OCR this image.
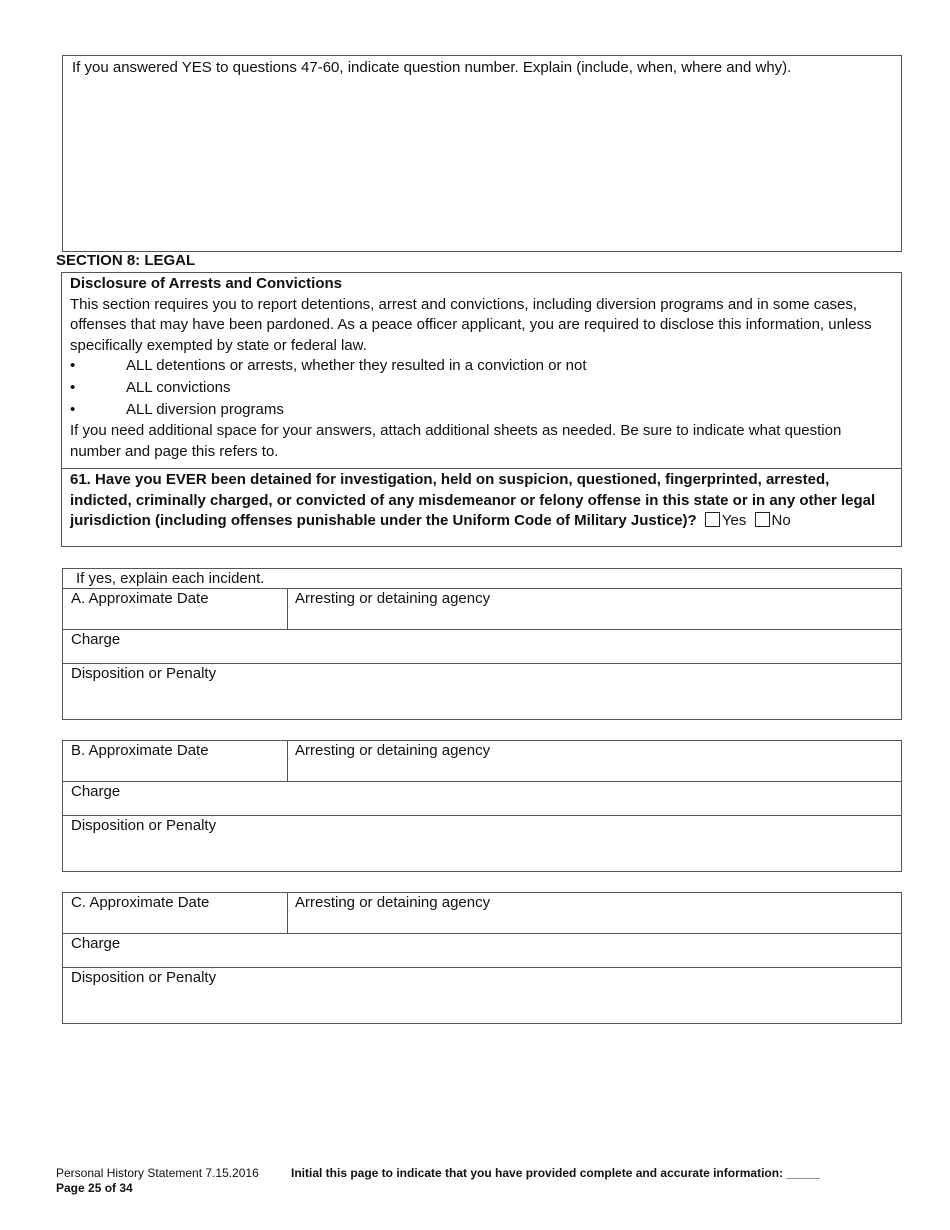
If you answered YES to questions 47-60, indicate question number. Explain (include, when, where and why).
SECTION 8: LEGAL
Disclosure of Arrests and Convictions
This section requires you to report detentions, arrest and convictions, including diversion programs and in some cases, offenses that may have been pardoned. As a peace officer applicant, you are required to disclose this information, unless specifically exempted by state or federal law.
•	ALL detentions or arrests, whether they resulted in a conviction or not
•	ALL convictions
•	ALL diversion programs
If you need additional space for your answers, attach additional sheets as needed. Be sure to indicate what question number and page this refers to.
61. Have you EVER been detained for investigation, held on suspicion, questioned, fingerprinted, arrested, indicted, criminally charged, or convicted of any misdemeanor or felony offense in this state or in any other legal jurisdiction (including offenses punishable under the Uniform Code of Military Justice)? Yes No
If yes, explain each incident.
A. Approximate Date	Arresting or detaining agency
Charge
Disposition or Penalty
B. Approximate Date	Arresting or detaining agency
Charge
Disposition or Penalty
C. Approximate Date	Arresting or detaining agency
Charge
Disposition or Penalty
Personal History Statement 7.15.2016
Page 25 of 34
Initial this page to indicate that you have provided complete and accurate information: _____
